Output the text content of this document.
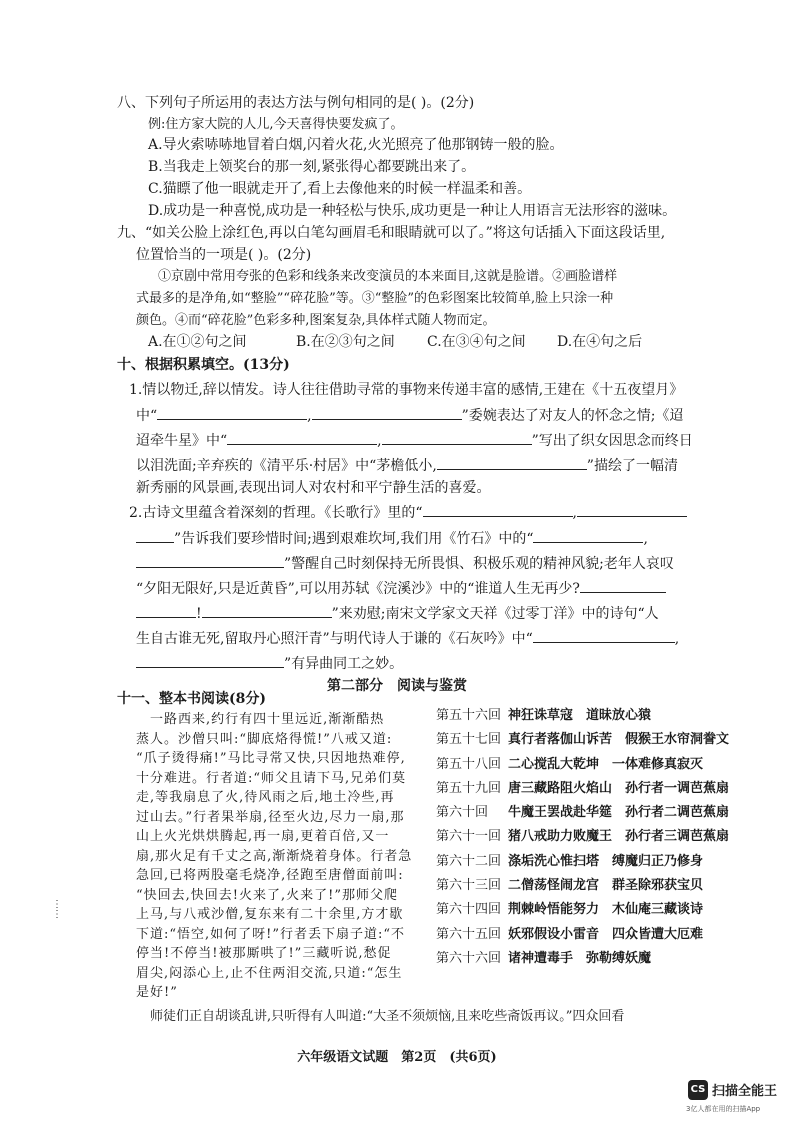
八、下列句子所运用的表达方法与例句相同的是( )。(2分)
例:住方家大院的人儿,今天喜得快要发疯了。
A.导火索哧哧地冒着白烟,闪着火花,火光照亮了他那钢铸一般的脸。
B.当我走上领奖台的那一刻,紧张得心都要跳出来了。
C.猫瞟了他一眼就走开了,看上去像他来的时候一样温柔和善。
D.成功是一种喜悦,成功是一种轻松与快乐,成功更是一种让人用语言无法形容的滋味。
九、“如关公脸上涂红色,再以白笔勾画眉毛和眼睛就可以了。”将这句话插入下面这段话里,
位置恰当的一项是( )。(2分)
①京剧中常用夸张的色彩和线条来改变演员的本来面目,这就是脸谱。②画脸谱样
式最多的是净角,如“整脸”“碎花脸”等。③“整脸”的色彩图案比较简单,脸上只涂一种
颜色。④而“碎花脸”色彩多种,图案复杂,具体样式随人物而定。
A.在①②句之间	B.在②③句之间 C.在③④句之间 D.在④句之后
十、根据积累填空。(13分)
1.情以物迁,辞以情发。诗人往往借助寻常的事物来传递丰富的感情,王建在《十五夜望月》
中“	,	”委婉表达了对友人的怀念之情;《迢
迢牵牛星》中“	,	”写出了织女因思念而终日
以泪洗面;辛弃疾的《清平乐·村居》中“茅檐低小,	”描绘了一幅清
新秀丽的风景画,表现出词人对农村和平宁静生活的喜爱。
2.古诗文里蕴含着深刻的哲理。《长歌行》里的“	,
”告诉我们要珍惜时间;遇到艰难坎坷,我们用《竹石》中的“	,
”警醒自己时刻保持无所畏惧、积极乐观的精神风貌;老年人哀叹
“夕阳无限好,只是近黄昏”,可以用苏轼《浣溪沙》中的“谁道人生无再少?
!	”来劝慰;南宋文学家文天祥《过零丁洋》中的诗句“人
生自古谁无死,留取丹心照汗青”与明代诗人于谦的《石灰吟》中“	,
”有异曲同工之妙。
第二部分　阅读与鉴赏
十一、整本书阅读(8分)

　一路西来,约行有四十里远近,渐渐酷热

蒸人。沙僧只叫:“脚底烙得慌!”八戒又道:

“爪子烫得痛!”马比寻常又快,只因地热难停,

十分难进。行者道:“师父且请下马,兄弟们莫

走,等我扇息了火,待风雨之后,地土冷些,再

过山去。”行者果举扇,径至火边,尽力一扇,那

山上火光烘烘腾起,再一扇,更着百倍,又一

扇,那火足有千丈之高,渐渐烧着身体。行者急

急回,已将两股毫毛烧净,径跑至唐僧面前叫:

“快回去,快回去!火来了,火来了!”那师父爬

上马,与八戒沙僧,复东来有二十余里,方才歇

下道:“悟空,如何了呀!”行者丢下扇子道:“不

停当!不停当!被那厮哄了!”三藏听说,愁促

眉尖,闷添心上,止不住两泪交流,只道:“怎生

是好!”

第五十六回 神狂诛草寇　道昧放心猿
第五十七回 真行者落伽山诉苦　假猴王水帘洞誊文
第五十八回 二心搅乱大乾坤　一体难修真寂灭
第五十九回 唐三藏路阻火焰山　孙行者一调芭蕉扇
第六十回 牛魔王罢战赴华筵　孙行者二调芭蕉扇
第六十一回 猪八戒助力败魔王　孙行者三调芭蕉扇
第六十二回 涤垢洗心惟扫塔　缚魔归正乃修身
第六十三回 二僧荡怪闹龙宫　群圣除邪获宝贝
第六十四回 荆棘岭悟能努力　木仙庵三藏谈诗
第六十五回 妖邪假设小雷音　四众皆遭大厄难
第六十六回 诸神遭毒手　弥勒缚妖魔
师徒们正自胡谈乱讲,只听得有人叫道:“大圣不须烦恼,且来吃些斋饭再议。”四众回看
⋮
⋮
六年级语文试题　第2页　(共6页)
CS 扫描全能王
3亿人都在用的扫描App
